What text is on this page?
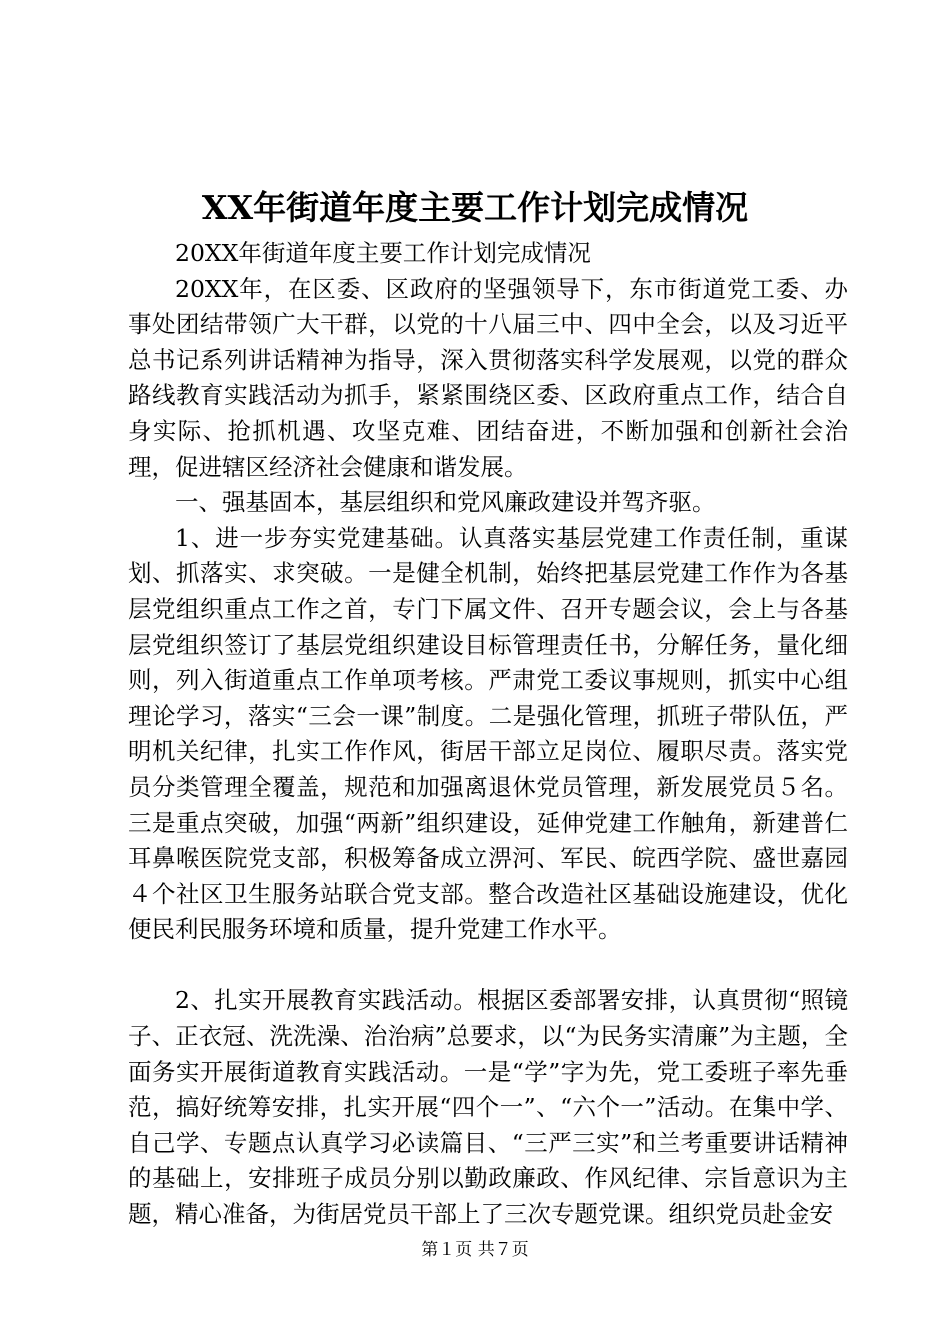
XX年街道年度主要工作计划完成情况

20XX年街道年度主要工作计划完成情况

20XX年，在区委、区政府的坚强领导下，东市街道党工委、办事处团结带领广大干群，以党的十八届三中、四中全会，以及习近平总书记系列讲话精神为指导，深入贯彻落实科学发展观，以党的群众路线教育实践活动为抓手，紧紧围绕区委、区政府重点工作，结合自身实际、抢抓机遇、攻坚克难、团结奋进，不断加强和创新社会治理，促进辖区经济社会健康和谐发展。

一、强基固本，基层组织和党风廉政建设并驾齐驱。

1、进一步夯实党建基础。认真落实基层党建工作责任制，重谋划、抓落实、求突破。一是健全机制，始终把基层党建工作作为各基层党组织重点工作之首，专门下属文件、召开专题会议，会上与各基层党组织签订了基层党组织建设目标管理责任书，分解任务，量化细则，列入街道重点工作单项考核。严肃党工委议事规则，抓实中心组理论学习，落实“三会一课”制度。二是强化管理，抓班子带队伍，严明机关纪律，扎实工作作风，街居干部立足岗位、履职尽责。落实党员分类管理全覆盖，规范和加强离退休党员管理，新发展党员５名。三是重点突破，加强“两新”组织建设，延伸党建工作触角，新建普仁耳鼻喉医院党支部，积极筹备成立淠河、军民、皖西学院、盛世嘉园４个社区卫生服务站联合党支部。整合改造社区基础设施建设，优化便民利民服务环境和质量，提升党建工作水平。

2、扎实开展教育实践活动。根据区委部署安排，认真贯彻“照镜子、正衣冠、洗洗澡、治治病”总要求，以“为民务实清廉”为主题，全面务实开展街道教育实践活动。一是“学”字为先，党工委班子率先垂范，搞好统筹安排，扎实开展“四个一”、“六个一”活动。在集中学、自己学、专题点认真学习必读篇目、“三严三实”和兰考重要讲话精神的基础上，安排班子成员分别以勤政廉政、作风纪律、宗旨意识为主题，精心准备，为街居党员干部上了三次专题党课。组织党员赴金安

第１页 共７页
